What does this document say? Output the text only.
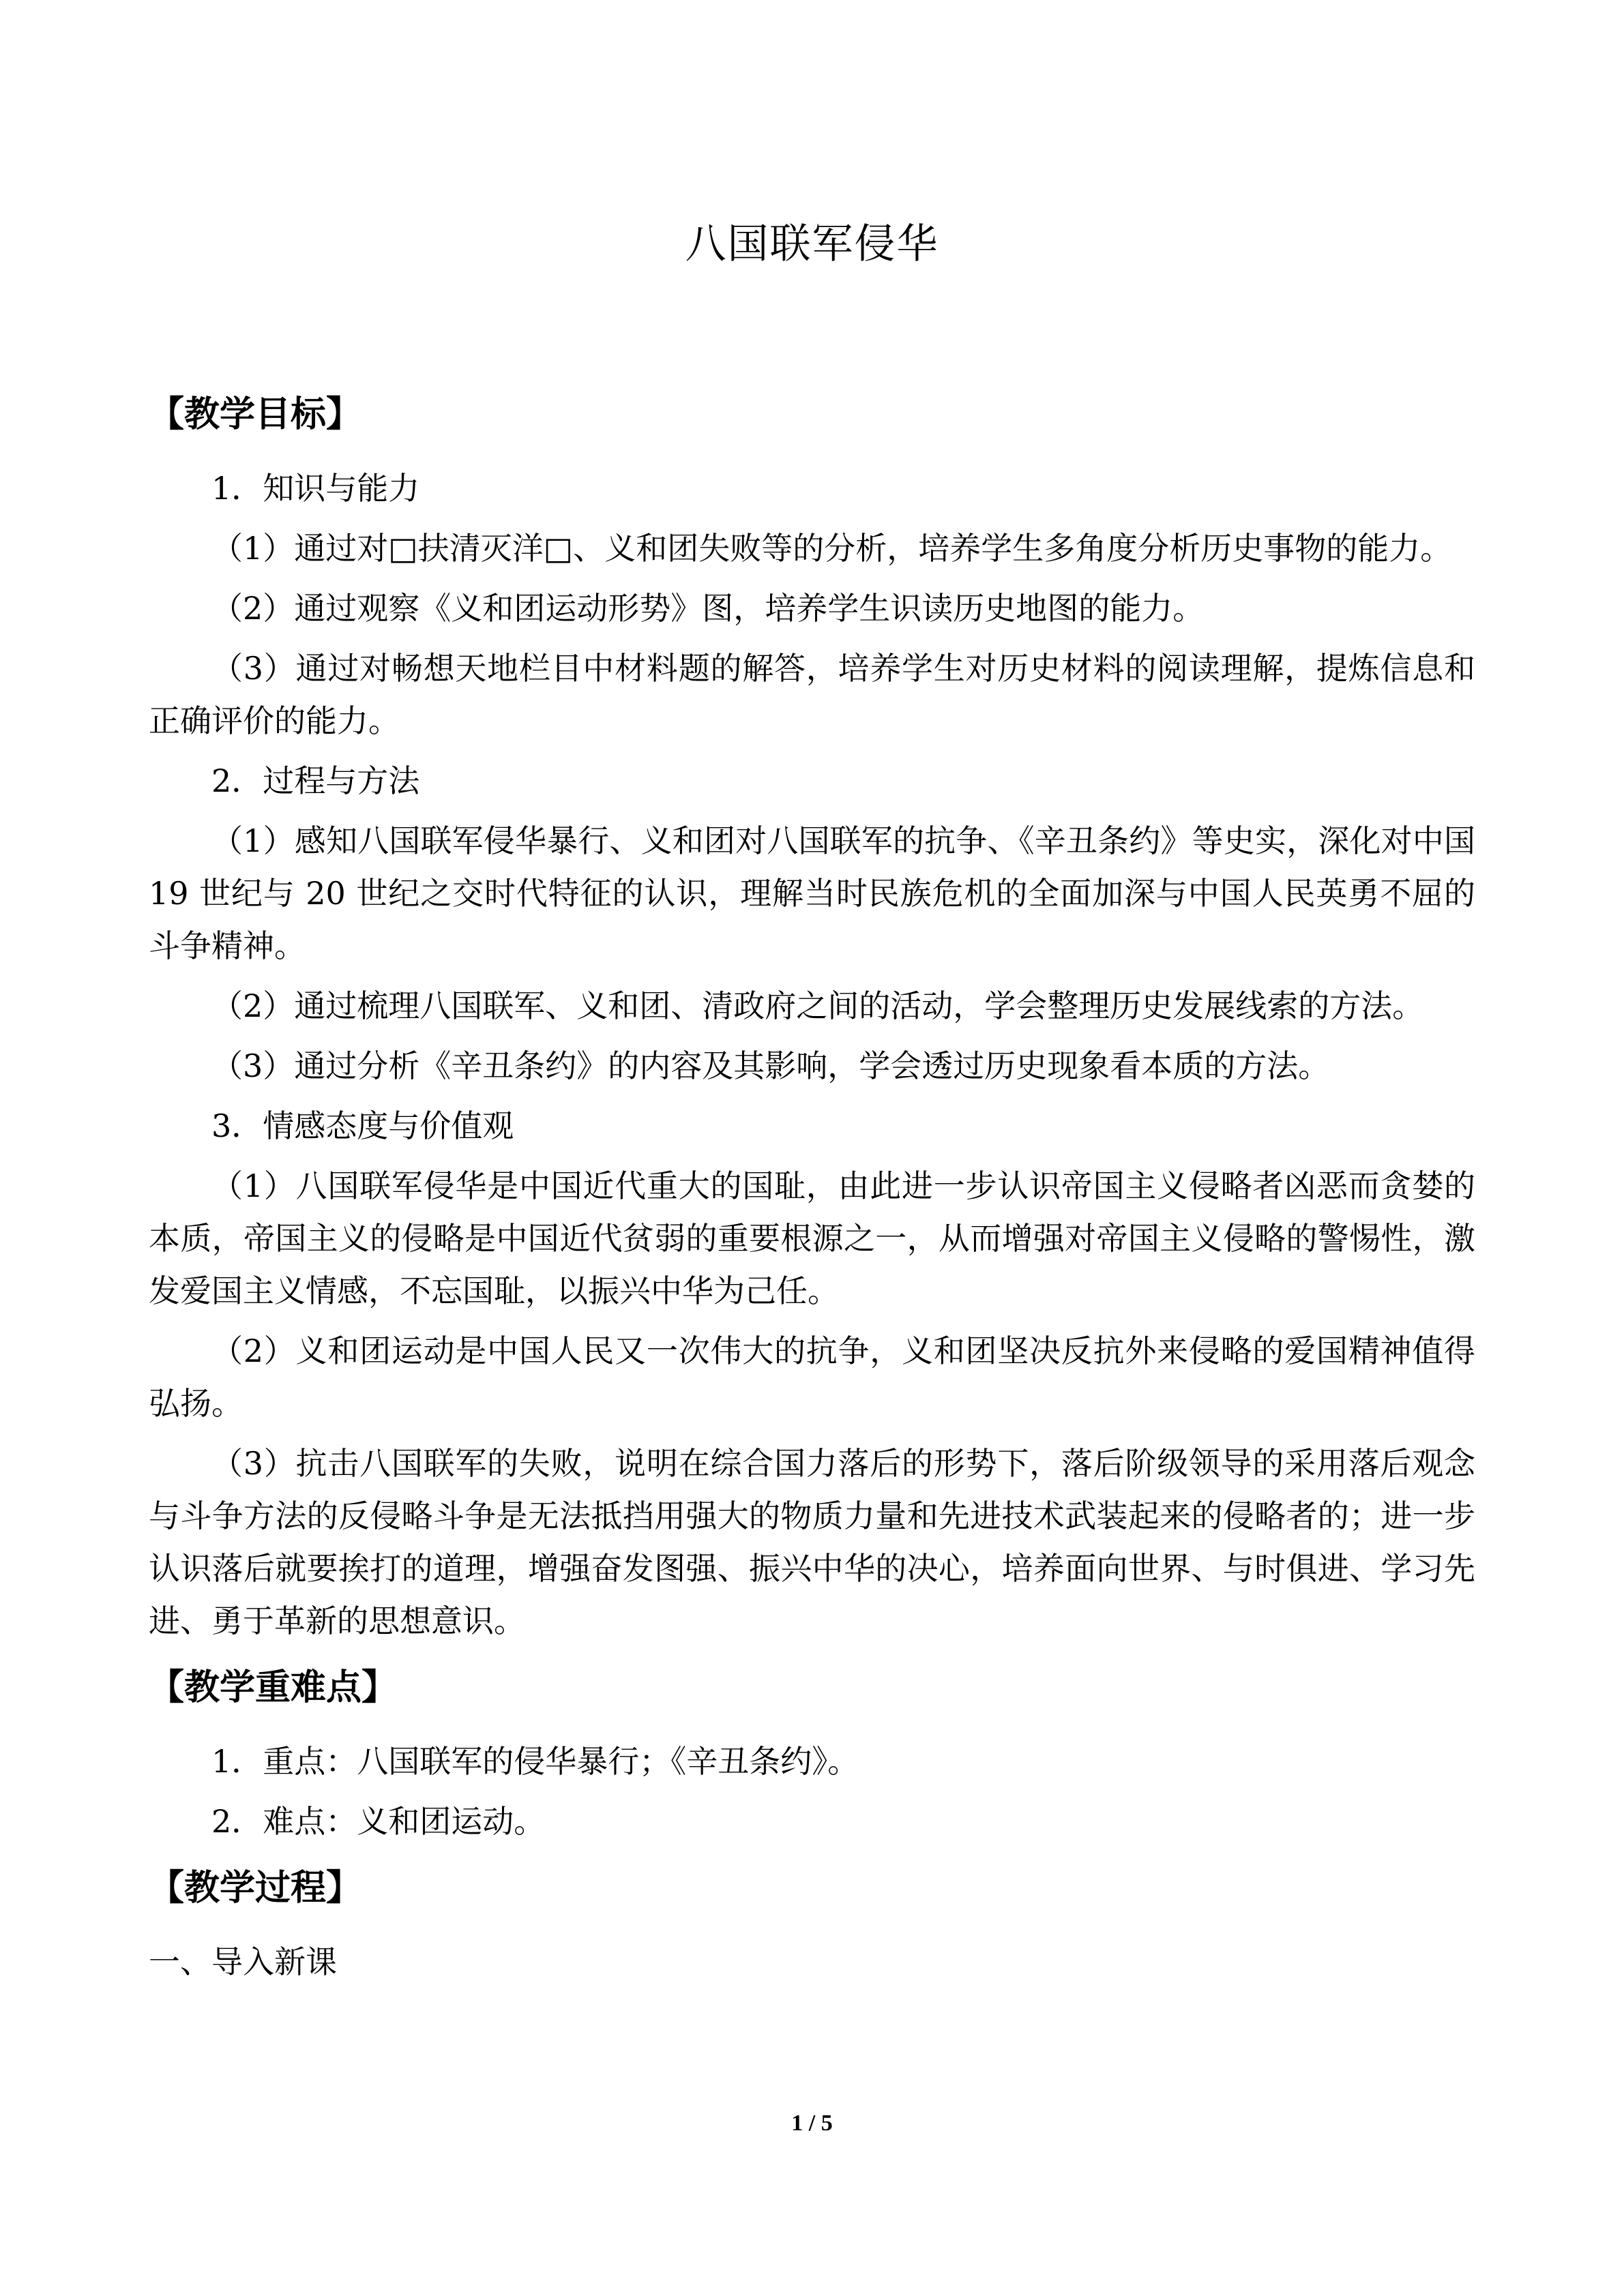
八国联军侵华
【教学目标】

1．知识与能力

（1）通过对□扶清灭洋□、义和团失败等的分析，培养学生多角度分析历史事物的能力。

（2）通过观察《义和团运动形势》图，培养学生识读历史地图的能力。

（3）通过对畅想天地栏目中材料题的解答，培养学生对历史材料的阅读理解，提炼信息和正确评价的能力。

2．过程与方法

（1）感知八国联军侵华暴行、义和团对八国联军的抗争、《辛丑条约》等史实，深化对中国 19 世纪与 20 世纪之交时代特征的认识，理解当时民族危机的全面加深与中国人民英勇不屈的斗争精神。

（2）通过梳理八国联军、义和团、清政府之间的活动，学会整理历史发展线索的方法。

（3）通过分析《辛丑条约》的内容及其影响，学会透过历史现象看本质的方法。

3．情感态度与价值观

（1）八国联军侵华是中国近代重大的国耻，由此进一步认识帝国主义侵略者凶恶而贪婪的本质，帝国主义的侵略是中国近代贫弱的重要根源之一，从而增强对帝国主义侵略的警惕性，激发爱国主义情感，不忘国耻，以振兴中华为己任。

（2）义和团运动是中国人民又一次伟大的抗争，义和团坚决反抗外来侵略的爱国精神值得弘扬。

（3）抗击八国联军的失败，说明在综合国力落后的形势下，落后阶级领导的采用落后观念与斗争方法的反侵略斗争是无法抵挡用强大的物质力量和先进技术武装起来的侵略者的；进一步认识落后就要挨打的道理，增强奋发图强、振兴中华的决心，培养面向世界、与时俱进、学习先进、勇于革新的思想意识。

【教学重难点】

1．重点：八国联军的侵华暴行；《辛丑条约》。

2．难点：义和团运动。

【教学过程】

一、导入新课

1 / 5
